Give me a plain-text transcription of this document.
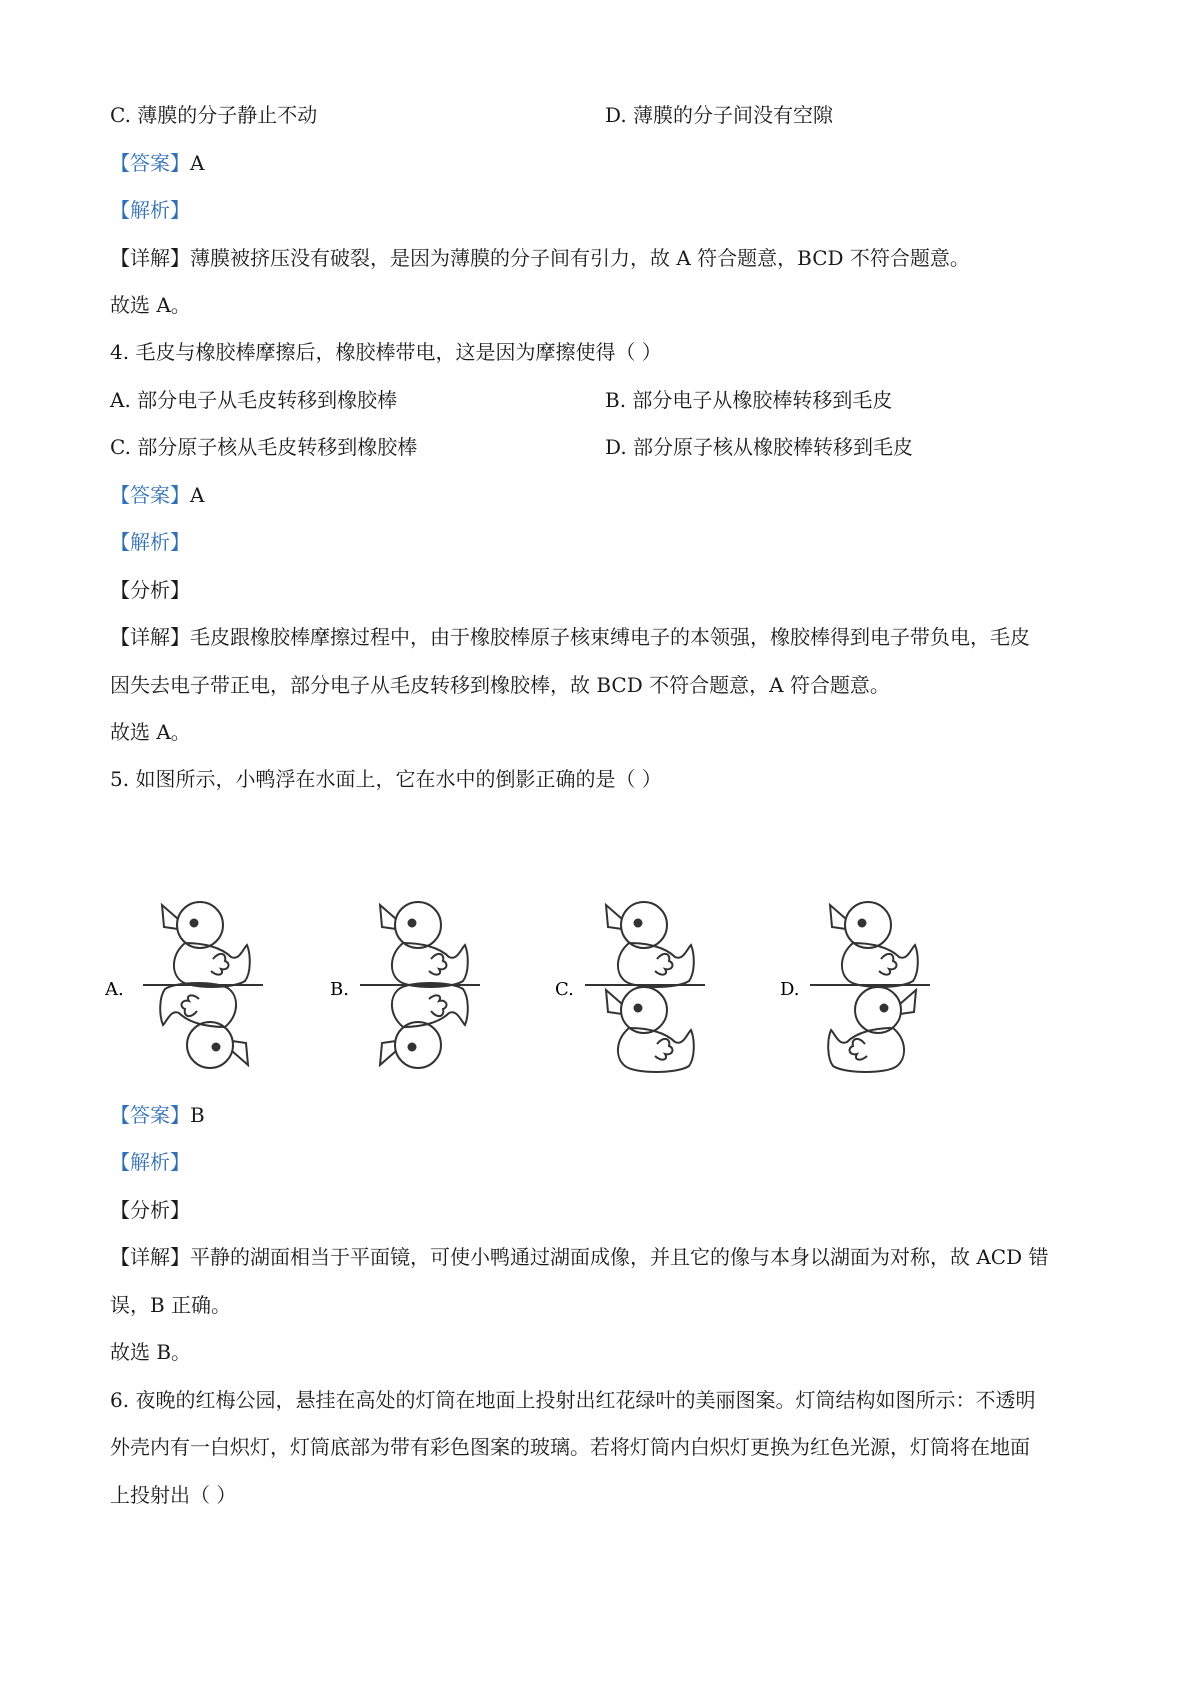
C. 薄膜的分子静止不动	D. 薄膜的分子间没有空隙
【答案】A
【解析】
【详解】薄膜被挤压没有破裂，是因为薄膜的分子间有引力，故 A 符合题意，BCD 不符合题意。
故选 A。
4. 毛皮与橡胶棒摩擦后，橡胶棒带电，这是因为摩擦使得（ ）
A. 部分电子从毛皮转移到橡胶棒	B. 部分电子从橡胶棒转移到毛皮
C. 部分原子核从毛皮转移到橡胶棒	D. 部分原子核从橡胶棒转移到毛皮
【答案】A
【解析】
【分析】
【详解】毛皮跟橡胶棒摩擦过程中，由于橡胶棒原子核束缚电子的本领强，橡胶棒得到电子带负电，毛皮
因失去电子带正电，部分电子从毛皮转移到橡胶棒，故 BCD 不符合题意，A 符合题意。
故选 A。
5. 如图所示，小鸭浮在水面上，它在水中的倒影正确的是（ ）
A.	B.	C.	D.
【答案】B
【解析】
【分析】
【详解】平静的湖面相当于平面镜，可使小鸭通过湖面成像，并且它的像与本身以湖面为对称，故 ACD 错
误，B 正确。
故选 B。
6. 夜晚的红梅公园，悬挂在高处的灯筒在地面上投射出红花绿叶的美丽图案。灯筒结构如图所示：不透明
外壳内有一白炽灯，灯筒底部为带有彩色图案的玻璃。若将灯筒内白炽灯更换为红色光源，灯筒将在地面
上投射出（ ）
